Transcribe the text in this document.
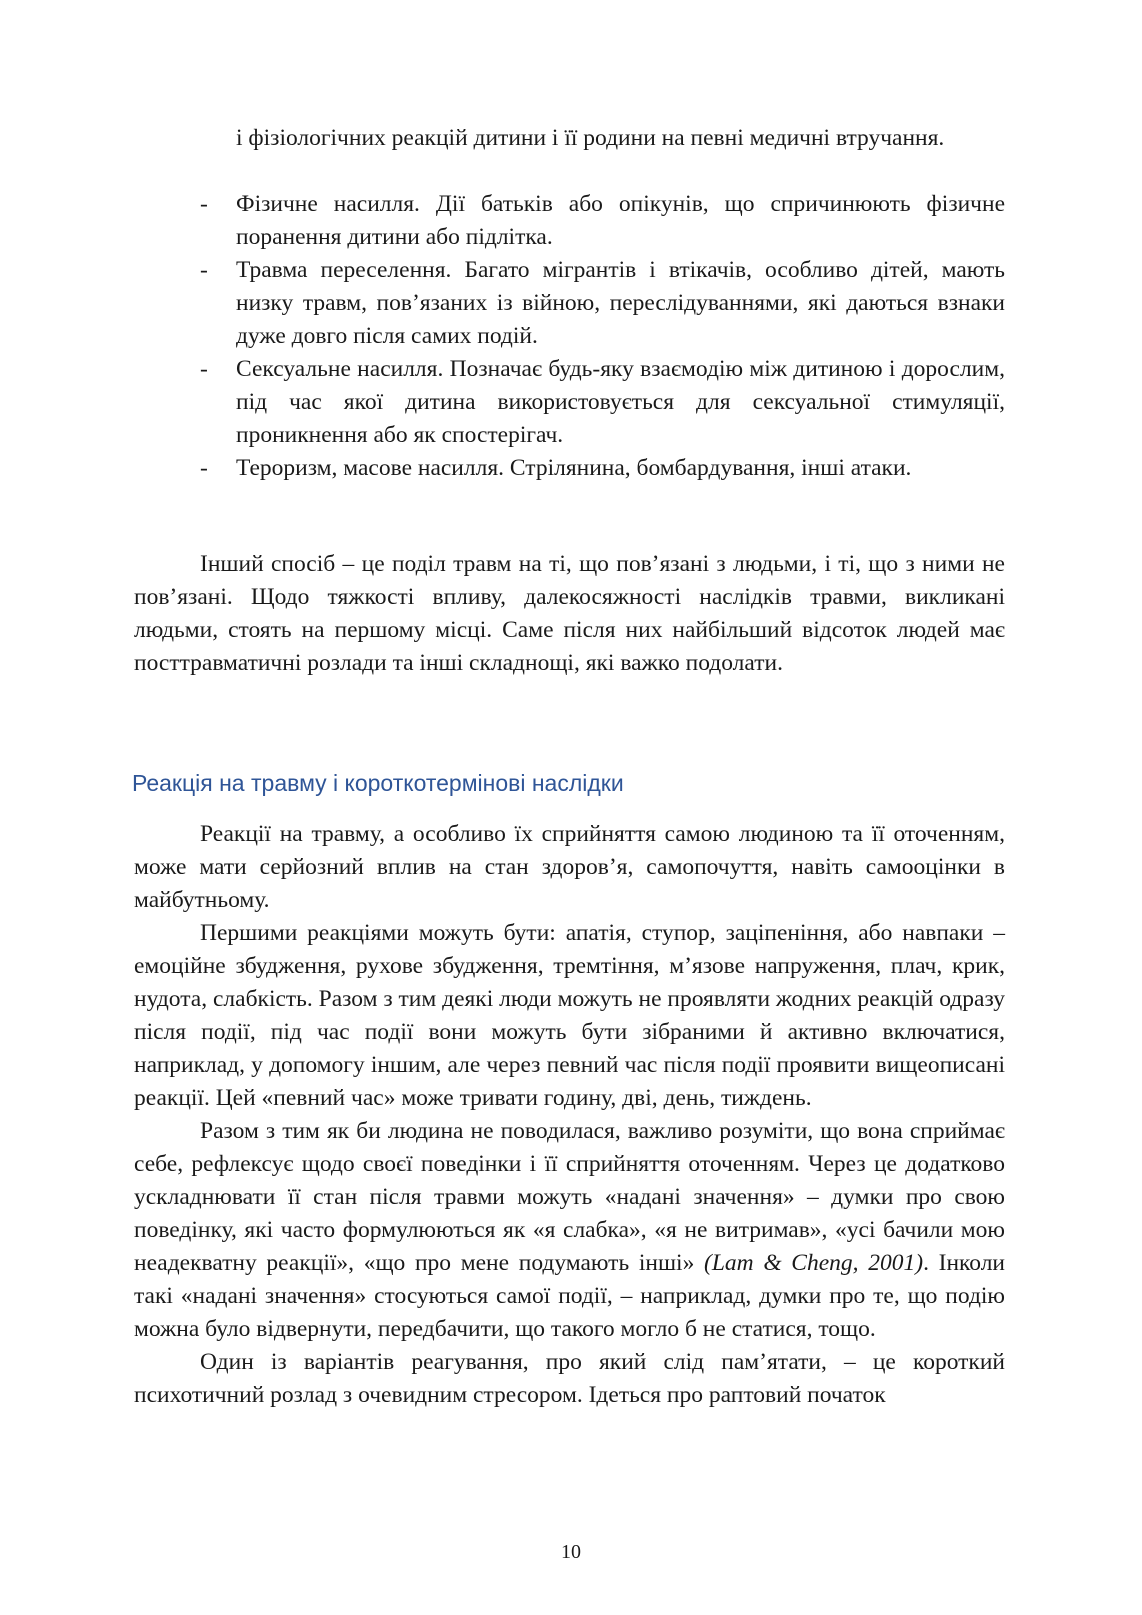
і фізіологічних реакцій дитини і її родини на певні медичні втручання.
- Фізичне насилля. Дії батьків або опікунів, що спричинюють фізичне поранення дитини або підлітка.
- Травма переселення. Багато мігрантів і втікачів, особливо дітей, мають низку травм, пов’язаних із війною, переслідуваннями, які даються взнаки дуже довго після самих подій.
- Сексуальне насилля. Позначає будь-яку взаємодію між дитиною і дорослим, під час якої дитина використовується для сексуальної стимуляції, проникнення або як спостерігач.
- Тероризм, масове насилля. Стрілянина, бомбардування, інші атаки.

Інший спосіб – це поділ травм на ті, що пов’язані з людьми, і ті, що з ними не пов’язані. Щодо тяжкості впливу, далекосяжності наслідків травми, викликані людьми, стоять на першому місці. Саме після них найбільший відсоток людей має посттравматичні розлади та інші складнощі, які важко подолати.

Реакція на травму і короткотермінові наслідки

Реакції на травму, а особливо їх сприйняття самою людиною та її оточенням, може мати серйозний вплив на стан здоров’я, самопочуття, навіть самооцінки в майбутньому.

Першими реакціями можуть бути: апатія, ступор, заціпеніння, або навпаки – емоційне збудження, рухове збудження, тремтіння, м’язове напруження, плач, крик, нудота, слабкість. Разом з тим деякі люди можуть не проявляти жодних реакцій одразу після події, під час події вони можуть бути зібраними й активно включатися, наприклад, у допомогу іншим, але через певний час після події проявити вищеописані реакції. Цей «певний час» може тривати годину, дві, день, тиждень.

Разом з тим як би людина не поводилася, важливо розуміти, що вона сприймає себе, рефлексує щодо своєї поведінки і її сприйняття оточенням. Через це додатково ускладнювати її стан після травми можуть «надані значення» – думки про свою поведінку, які часто формулюються як «я слабка», «я не витримав», «усі бачили мою неадекватну реакції», «що про мене подумають інші» (Lam & Cheng, 2001). Інколи такі «надані значення» стосуються самої події, – наприклад, думки про те, що подію можна було відвернути, передбачити, що такого могло б не статися, тощо.

Один із варіантів реагування, про який слід пам’ятати, – це короткий психотичний розлад з очевидним стресором. Ідеться про раптовий початок

10
